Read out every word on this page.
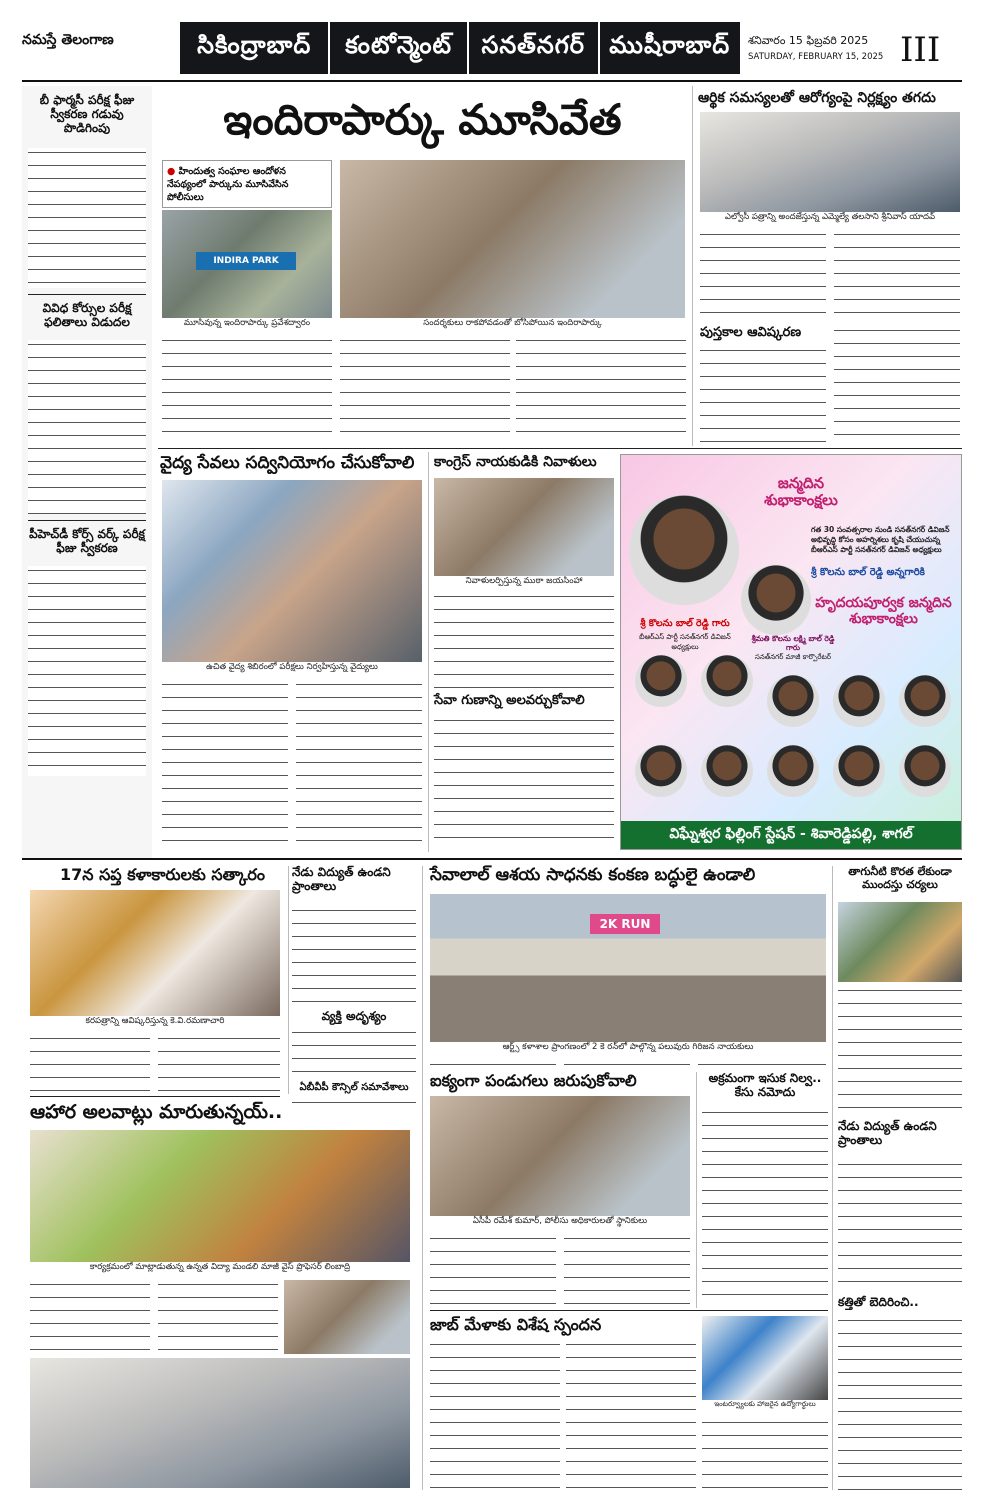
నమస్తే తెలంగాణ	సికింద్రాబాద్	కంటోన్మెంట్	సనత్‌నగర్	ముషీరాబాద్	శనివారం 15 ఫిబ్రవరి 2025
SATURDAY, FEBRUARY 15, 2025 III
బీ ఫార్మసీ పరీక్ష ఫీజు స్వీకరణ గడువు పొడిగింపు
వివిధ కోర్సుల పరీక్ష ఫలితాలు విడుదల
పీహెచ్‌డీ కోర్స్ వర్క్ పరీక్ష ఫీజు స్వీకరణ
ఇందిరాపార్కు మూసివేత
● హిందుత్వ సంఘాల ఆందోళన నేపథ్యంలో పార్కును మూసివేసిన పోలీసులు
INDIRA PARK
మూసివున్న ఇందిరాపార్కు ప్రవేశద్వారం	సందర్శకులు రాకపోవడంతో బోసిపోయిన ఇందిరాపార్కు
ఆర్థిక సమస్యలతో ఆరోగ్యంపై నిర్లక్ష్యం తగదు
ఎల్వోసీ పత్రాన్ని అందజేస్తున్న ఎమ్మెల్యే తలసాని శ్రీనివాస్ యాదవ్
పుస్తకాల ఆవిష్కరణ
వైద్య సేవలు సద్వినియోగం చేసుకోవాలి
ఉచిత వైద్య శిబిరంలో పరీక్షలు నిర్వహిస్తున్న వైద్యులు
కాంగ్రెస్ నాయకుడికి నివాళులు
నివాళులర్పిస్తున్న ముఠా జయసింహా
సేవా గుణాన్ని అలవర్చుకోవాలి
జన్మదిన శుభాకాంక్షలు
గత 30 సంవత్సరాల నుండి సనత్‌నగర్ డివిజన్ అభివృద్ధి కోసం అహర్నిశలు కృషి చేయుచున్న బీఆర్ఎస్ పార్టీ సనత్‌నగర్ డివిజన్ అధ్యక్షులు
శ్రీ కొలను బాల్ రెడ్డి అన్నగారికి
హృదయపూర్వక జన్మదిన శుభాకాంక్షలు
శ్రీ కొలను బాల్ రెడ్డి గారు
బీఆర్ఎస్ పార్టీ సనత్‌నగర్ డివిజన్ అధ్యక్షులు
శ్రీమతి కొలను లక్ష్మి బాల్ రెడ్డి గారు
సనత్‌నగర్ మాజీ కార్పొరేటర్
విఘ్నేశ్వర ఫిల్లింగ్ స్టేషన్ - శివారెడ్డిపల్లి, శాగల్
17న సప్త కళాకారులకు సత్కారం
కరపత్రాన్ని ఆవిష్కరిస్తున్న కె.వి.రమణాచారి
ఆహార అలవాట్లు మారుతున్నయ్..
కార్యక్రమంలో మాట్లాడుతున్న ఉన్నత విద్యా మండలి మాజీ వైస్ ప్రొఫెసర్ లింబాద్రి
నేడు విద్యుత్ ఉండని ప్రాంతాలు
వ్యక్తి అదృశ్యం
ఏబీవీపీ కౌన్సిల్ సమావేశాలు
సేవాలాల్ ఆశయ సాధనకు కంకణ బద్ధులై ఉండాలి
2K RUN
ఆర్ట్స్ కళాశాల ప్రాంగణంలో 2 కె రన్‌లో పాల్గొన్న పలువురు గిరిజన నాయకులు
ఐక్యంగా పండుగలు జరుపుకోవాలి
ఏసీపీ రమేశ్ కుమార్, పోలీసు అధికారులతో స్థానికులు
అక్రమంగా ఇసుక నిల్వ.. కేసు నమోదు
జాబ్ మేళాకు విశేష స్పందన
ఇంటర్వ్యూలకు హాజరైన ఉద్యోగార్థులు
తాగునీటి కొరత లేకుండా ముందస్తు చర్యలు
నేడు విద్యుత్ ఉండని ప్రాంతాలు
కత్తితో బెదిరించి..
